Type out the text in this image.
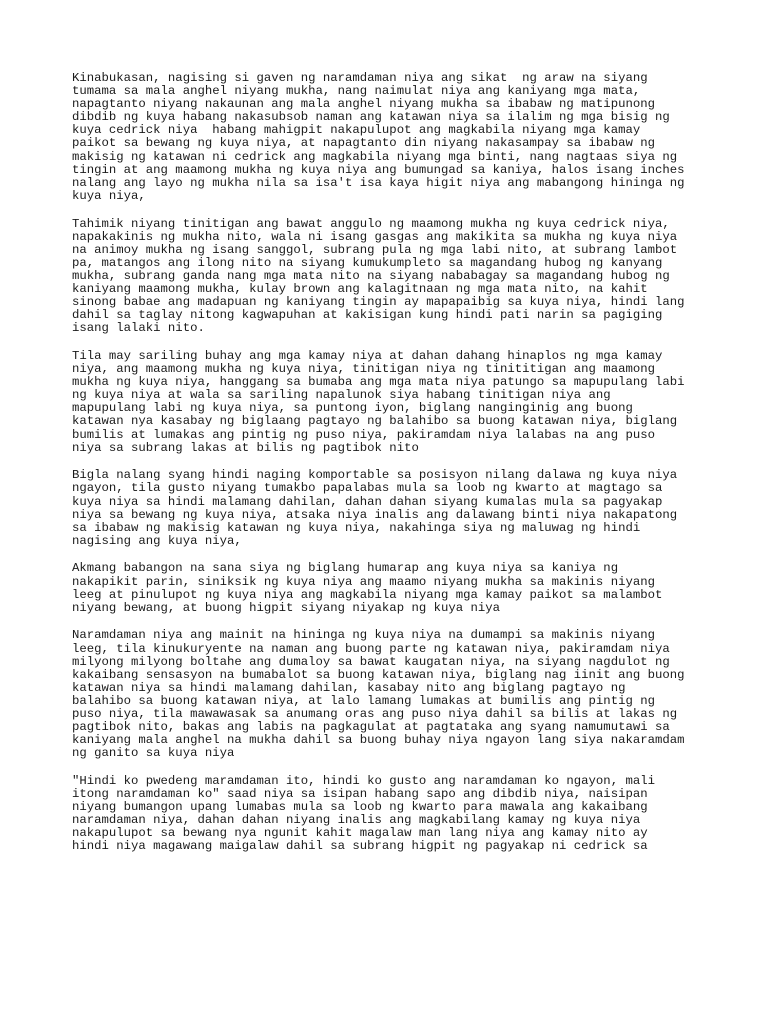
Kinabukasan, nagising si gaven ng naramdaman niya ang sikat  ng araw na siyang
tumama sa mala anghel niyang mukha, nang naimulat niya ang kaniyang mga mata,
napagtanto niyang nakaunan ang mala anghel niyang mukha sa ibabaw ng matipunong
dibdib ng kuya habang nakasubsob naman ang katawan niya sa ilalim ng mga bisig ng
kuya cedrick niya  habang mahigpit nakapulupot ang magkabila niyang mga kamay
paikot sa bewang ng kuya niya, at napagtanto din niyang nakasampay sa ibabaw ng
makisig ng katawan ni cedrick ang magkabila niyang mga binti, nang nagtaas siya ng
tingin at ang maamong mukha ng kuya niya ang bumungad sa kaniya, halos isang inches
nalang ang layo ng mukha nila sa isa't isa kaya higit niya ang mabangong hininga ng
kuya niya,

Tahimik niyang tinitigan ang bawat anggulo ng maamong mukha ng kuya cedrick niya,
napakakinis ng mukha nito, wala ni isang gasgas ang makikita sa mukha ng kuya niya
na animoy mukha ng isang sanggol, subrang pula ng mga labi nito, at subrang lambot
pa, matangos ang ilong nito na siyang kumukumpleto sa magandang hubog ng kanyang
mukha, subrang ganda nang mga mata nito na siyang nababagay sa magandang hubog ng
kaniyang maamong mukha, kulay brown ang kalagitnaan ng mga mata nito, na kahit
sinong babae ang madapuan ng kaniyang tingin ay mapapaibig sa kuya niya, hindi lang
dahil sa taglay nitong kagwapuhan at kakisigan kung hindi pati narin sa pagiging
isang lalaki nito.

Tila may sariling buhay ang mga kamay niya at dahan dahang hinaplos ng mga kamay
niya, ang maamong mukha ng kuya niya, tinitigan niya ng tinititigan ang maamong
mukha ng kuya niya, hanggang sa bumaba ang mga mata niya patungo sa mapupulang labi
ng kuya niya at wala sa sariling napalunok siya habang tinitigan niya ang
mapupulang labi ng kuya niya, sa puntong iyon, biglang nanginginig ang buong
katawan nya kasabay ng biglaang pagtayo ng balahibo sa buong katawan niya, biglang
bumilis at lumakas ang pintig ng puso niya, pakiramdam niya lalabas na ang puso
niya sa subrang lakas at bilis ng pagtibok nito

Bigla nalang syang hindi naging komportable sa posisyon nilang dalawa ng kuya niya
ngayon, tila gusto niyang tumakbo papalabas mula sa loob ng kwarto at magtago sa
kuya niya sa hindi malamang dahilan, dahan dahan siyang kumalas mula sa pagyakap
niya sa bewang ng kuya niya, atsaka niya inalis ang dalawang binti niya nakapatong
sa ibabaw ng makisig katawan ng kuya niya, nakahinga siya ng maluwag ng hindi
nagising ang kuya niya,

Akmang babangon na sana siya ng biglang humarap ang kuya niya sa kaniya ng
nakapikit parin, siniksik ng kuya niya ang maamo niyang mukha sa makinis niyang
leeg at pinulupot ng kuya niya ang magkabila niyang mga kamay paikot sa malambot
niyang bewang, at buong higpit siyang niyakap ng kuya niya

Naramdaman niya ang mainit na hininga ng kuya niya na dumampi sa makinis niyang
leeg, tila kinukuryente na naman ang buong parte ng katawan niya, pakiramdam niya
milyong milyong boltahe ang dumaloy sa bawat kaugatan niya, na siyang nagdulot ng
kakaibang sensasyon na bumabalot sa buong katawan niya, biglang nag iinit ang buong
katawan niya sa hindi malamang dahilan, kasabay nito ang biglang pagtayo ng
balahibo sa buong katawan niya, at lalo lamang lumakas at bumilis ang pintig ng
puso niya, tila mawawasak sa anumang oras ang puso niya dahil sa bilis at lakas ng
pagtibok nito, bakas ang labis na pagkagulat at pagtataka ang syang namumutawi sa
kaniyang mala anghel na mukha dahil sa buong buhay niya ngayon lang siya nakaramdam
ng ganito sa kuya niya

"Hindi ko pwedeng maramdaman ito, hindi ko gusto ang naramdaman ko ngayon, mali
itong naramdaman ko" saad niya sa isipan habang sapo ang dibdib niya, naisipan
niyang bumangon upang lumabas mula sa loob ng kwarto para mawala ang kakaibang
naramdaman niya, dahan dahan niyang inalis ang magkabilang kamay ng kuya niya
nakapulupot sa bewang nya ngunit kahit magalaw man lang niya ang kamay nito ay
hindi niya magawang maigalaw dahil sa subrang higpit ng pagyakap ni cedrick sa
